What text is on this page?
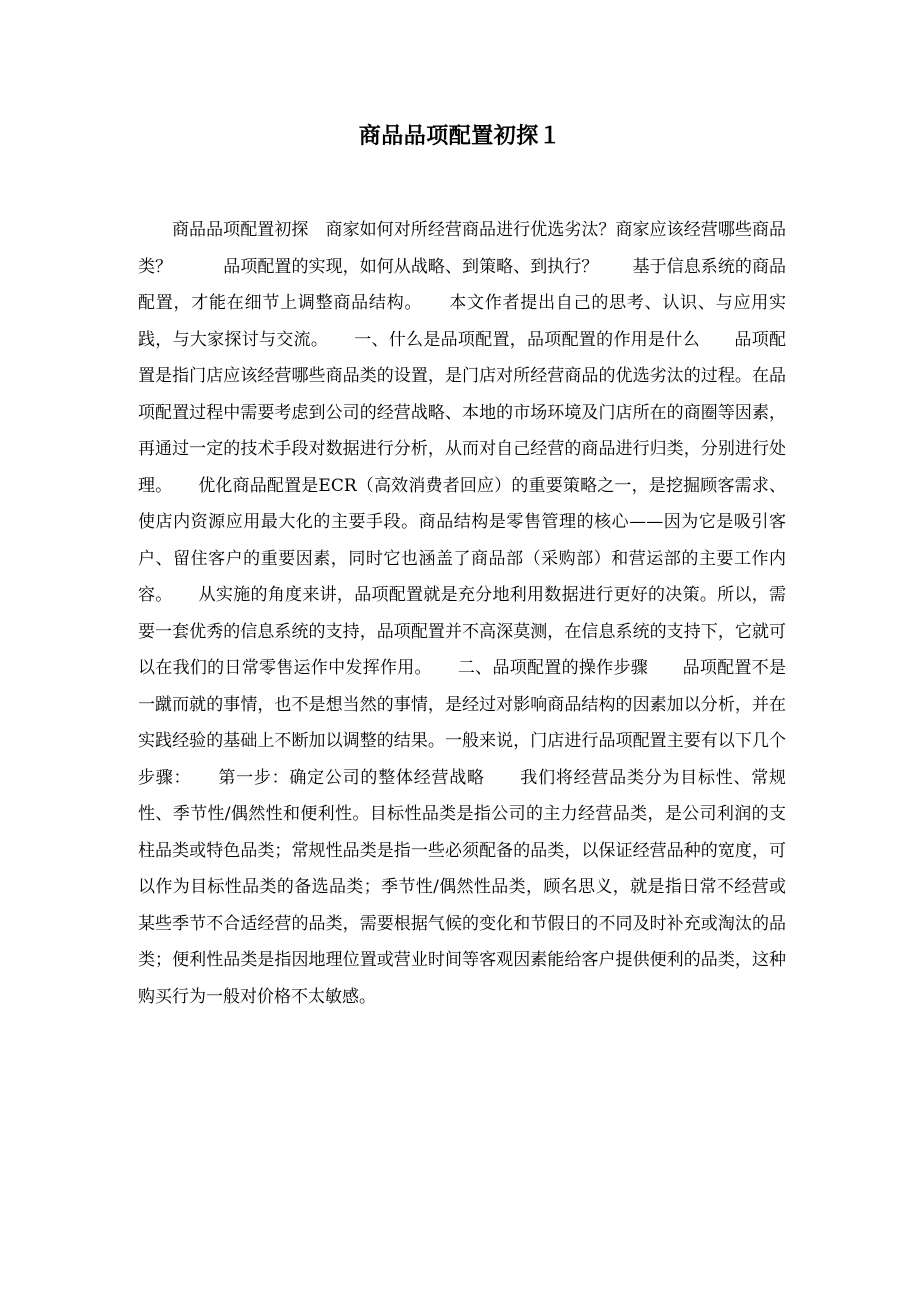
商品品项配置初探１

商品品项配置初探　商家如何对所经营商品进行优选劣汰？商家应该经营哪些商品类？　　　品项配置的实现，如何从战略、到策略、到执行？　　基于信息系统的商品配置，才能在细节上调整商品结构。　　本文作者提出自己的思考、认识、与应用实践，与大家探讨与交流。　　一、什么是品项配置，品项配置的作用是什么　　品项配置是指门店应该经营哪些商品类的设置，是门店对所经营商品的优选劣汰的过程。在品项配置过程中需要考虑到公司的经营战略、本地的市场环境及门店所在的商圈等因素，再通过一定的技术手段对数据进行分析，从而对自己经营的商品进行归类，分别进行处理。　　优化商品配置是ECR（高效消费者回应）的重要策略之一，是挖掘顾客需求、使店内资源应用最大化的主要手段。商品结构是零售管理的核心——因为它是吸引客户、留住客户的重要因素，同时它也涵盖了商品部（采购部）和营运部的主要工作内容。　　从实施的角度来讲，品项配置就是充分地利用数据进行更好的决策。所以，需要一套优秀的信息系统的支持，品项配置并不高深莫测，在信息系统的支持下，它就可以在我们的日常零售运作中发挥作用。　　二、品项配置的操作步骤　　品项配置不是一蹴而就的事情，也不是想当然的事情，是经过对影响商品结构的因素加以分析，并在实践经验的基础上不断加以调整的结果。一般来说，门店进行品项配置主要有以下几个步骤：　　第一步：确定公司的整体经营战略　　我们将经营品类分为目标性、常规性、季节性/偶然性和便利性。目标性品类是指公司的主力经营品类，是公司利润的支柱品类或特色品类；常规性品类是指一些必须配备的品类，以保证经营品种的宽度，可以作为目标性品类的备选品类；季节性/偶然性品类，顾名思义，就是指日常不经营或某些季节不合适经营的品类，需要根据气候的变化和节假日的不同及时补充或淘汰的品类；便利性品类是指因地理位置或营业时间等客观因素能给客户提供便利的品类，这种购买行为一般对价格不太敏感。
